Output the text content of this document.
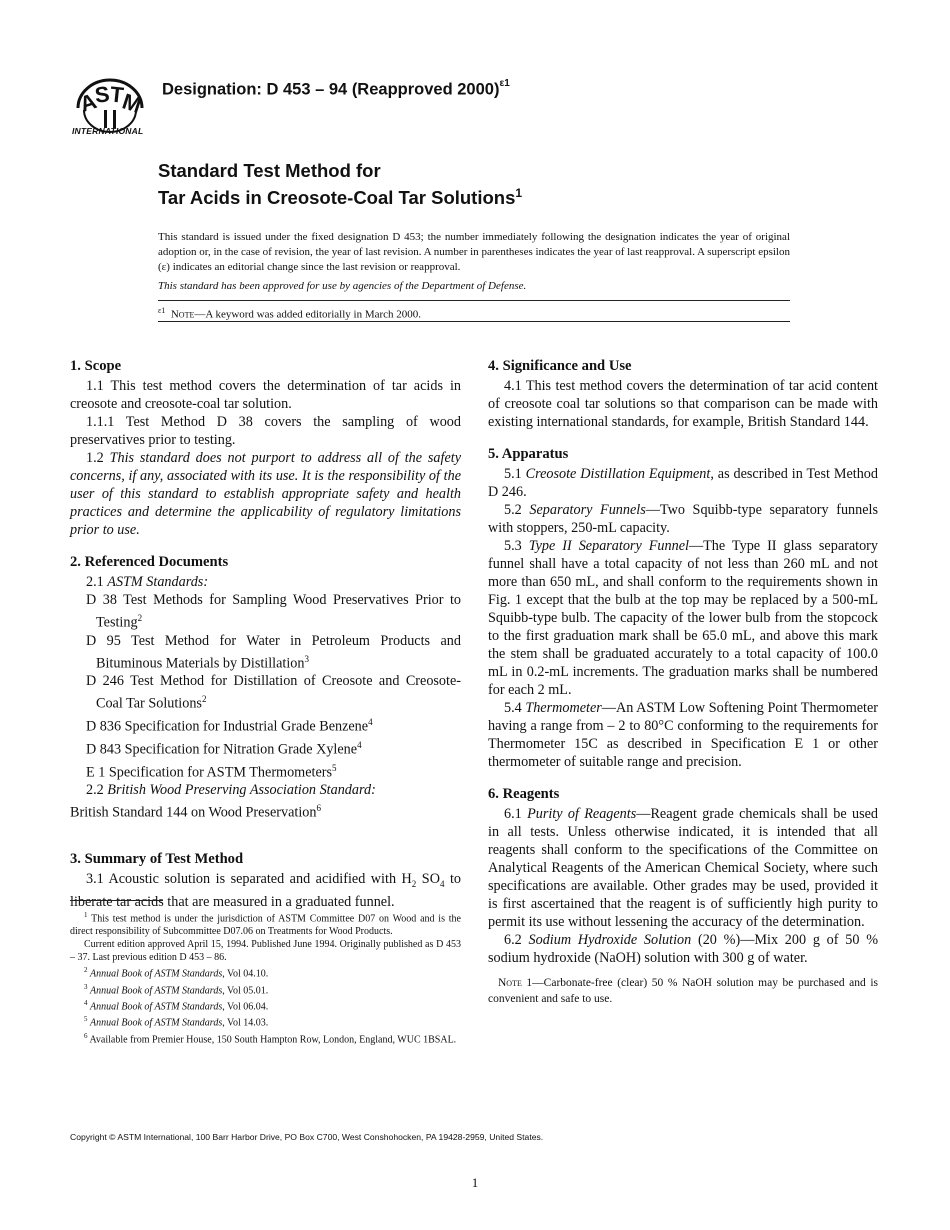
A
S
T
M
INTERNATIONAL
Designation: D 453 – 94 (Reapproved 2000)$^{\varepsilon 1}$
Standard Test Method for
Tar Acids in Creosote-Coal Tar Solutions$^1$
This standard is issued under the fixed designation D 453; the number immediately following the designation indicates the year of original adoption or, in the case of revision, the year of last revision. A number in parentheses indicates the year of last reapproval. A superscript epsilon (ε) indicates an editorial change since the last revision or reapproval.
This standard has been approved for use by agencies of the Department of Defense.
$^{\varepsilon 1}$ Note—A keyword was added editorially in March 2000.
1. Scope

1.1 This test method covers the determination of tar acids in creosote and creosote-coal tar solution.

1.1.1 Test Method D 38 covers the sampling of wood preservatives prior to testing.

1.2 This standard does not purport to address all of the safety concerns, if any, associated with its use. It is the responsibility of the user of this standard to establish appropriate safety and health practices and determine the applicability of regulatory limitations prior to use.

2. Referenced Documents

2.1 ASTM Standards:

D 38 Test Methods for Sampling Wood Preservatives Prior to Testing$^2$

D 95 Test Method for Water in Petroleum Products and Bituminous Materials by Distillation$^3$

D 246 Test Method for Distillation of Creosote and Creosote-Coal Tar Solutions$^2$

D 836 Specification for Industrial Grade Benzene$^4$

D 843 Specification for Nitration Grade Xylene$^4$

E 1 Specification for ASTM Thermometers$^5$

2.2 British Wood Preserving Association Standard:

British Standard 144 on Wood Preservation$^6$

3. Summary of Test Method

3.1 Acoustic solution is separated and acidified with $H_2$ $SO_4$ to liberate tar acids that are measured in a graduated funnel.

$^1$ This test method is under the jurisdiction of ASTM Committee D07 on Wood and is the direct responsibility of Subcommittee D07.06 on Treatments for Wood Products.

Current edition approved April 15, 1994. Published June 1994. Originally published as D 453 – 37. Last previous edition D 453 – 86.

$^2$ Annual Book of ASTM Standards, Vol 04.10.

$^3$ Annual Book of ASTM Standards, Vol 05.01.

$^4$ Annual Book of ASTM Standards, Vol 06.04.

$^5$ Annual Book of ASTM Standards, Vol 14.03.

$^6$ Available from Premier House, 150 South Hampton Row, London, England, WUC 1BSAL.

4. Significance and Use

4.1 This test method covers the determination of tar acid content of creosote coal tar solutions so that comparison can be made with existing international standards, for example, British Standard 144.

5. Apparatus

5.1 Creosote Distillation Equipment, as described in Test Method D 246.

5.2 Separatory Funnels—Two Squibb-type separatory funnels with stoppers, 250-mL capacity.

5.3 Type II Separatory Funnel—The Type II glass separatory funnel shall have a total capacity of not less than 260 mL and not more than 650 mL, and shall conform to the requirements shown in Fig. 1 except that the bulb at the top may be replaced by a 500-mL Squibb-type bulb. The capacity of the lower bulb from the stopcock to the first graduation mark shall be 65.0 mL, and above this mark the stem shall be graduated accurately to a total capacity of 100.0 mL in 0.2-mL increments. The graduation marks shall be numbered for each 2 mL.

5.4 Thermometer—An ASTM Low Softening Point Thermometer having a range from – 2 to 80°C conforming to the requirements for Thermometer 15C as described in Specification E 1 or other thermometer of suitable range and precision.

6. Reagents

6.1 Purity of Reagents—Reagent grade chemicals shall be used in all tests. Unless otherwise indicated, it is intended that all reagents shall conform to the specifications of the Committee on Analytical Reagents of the American Chemical Society, where such specifications are available. Other grades may be used, provided it is first ascertained that the reagent is of sufficiently high purity to permit its use without lessening the accuracy of the determination.

6.2 Sodium Hydroxide Solution (20 %)—Mix 200 g of 50 % sodium hydroxide (NaOH) solution with 300 g of water.

Note 1—Carbonate-free (clear) 50 % NaOH solution may be purchased and is convenient and safe to use.

Copyright © ASTM International, 100 Barr Harbor Drive, PO Box C700, West Conshohocken, PA 19428-2959, United States.
1
